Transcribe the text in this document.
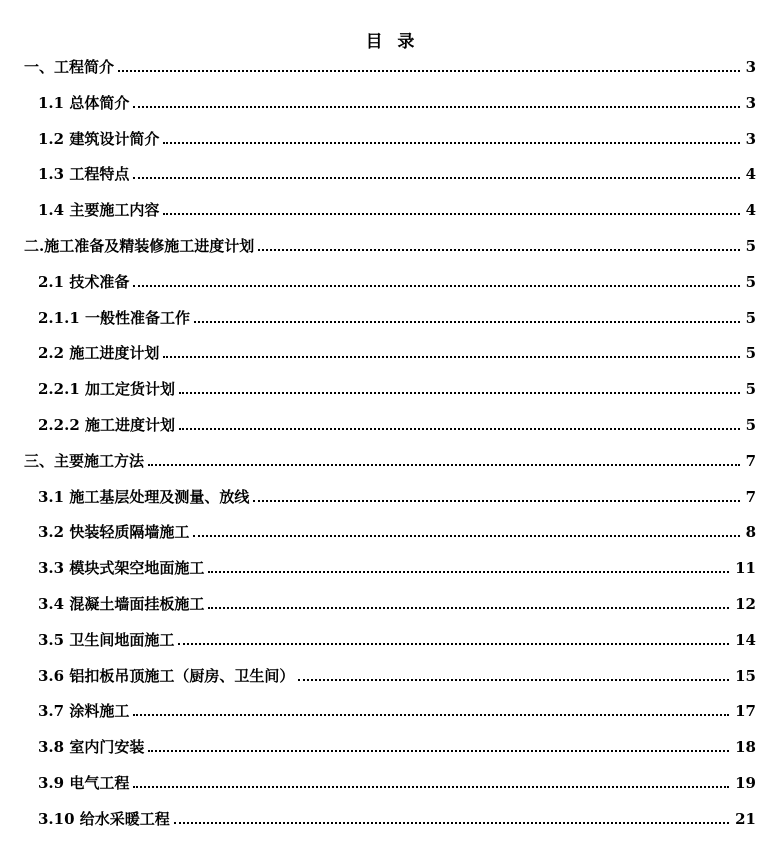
目  录
一、工程简介	3
1.1 总体简介	3
1.2 建筑设计简介	3
1.3 工程特点	4
1.4 主要施工内容	4
二.施工准备及精装修施工进度计划	5
2.1 技术准备	5
2.1.1 一般性准备工作	5
2.2 施工进度计划	5
2.2.1 加工定货计划	5
2.2.2 施工进度计划	5
三、主要施工方法	7
3.1 施工基层处理及测量、放线	7
3.2 快装轻质隔墙施工	8
3.3 模块式架空地面施工	11
3.4 混凝土墙面挂板施工	12
3.5 卫生间地面施工	14
3.6 铝扣板吊顶施工（厨房、卫生间）	15
3.7 涂料施工	17
3.8 室内门安装	18
3.9 电气工程	19
3.10 给水采暖工程	21
